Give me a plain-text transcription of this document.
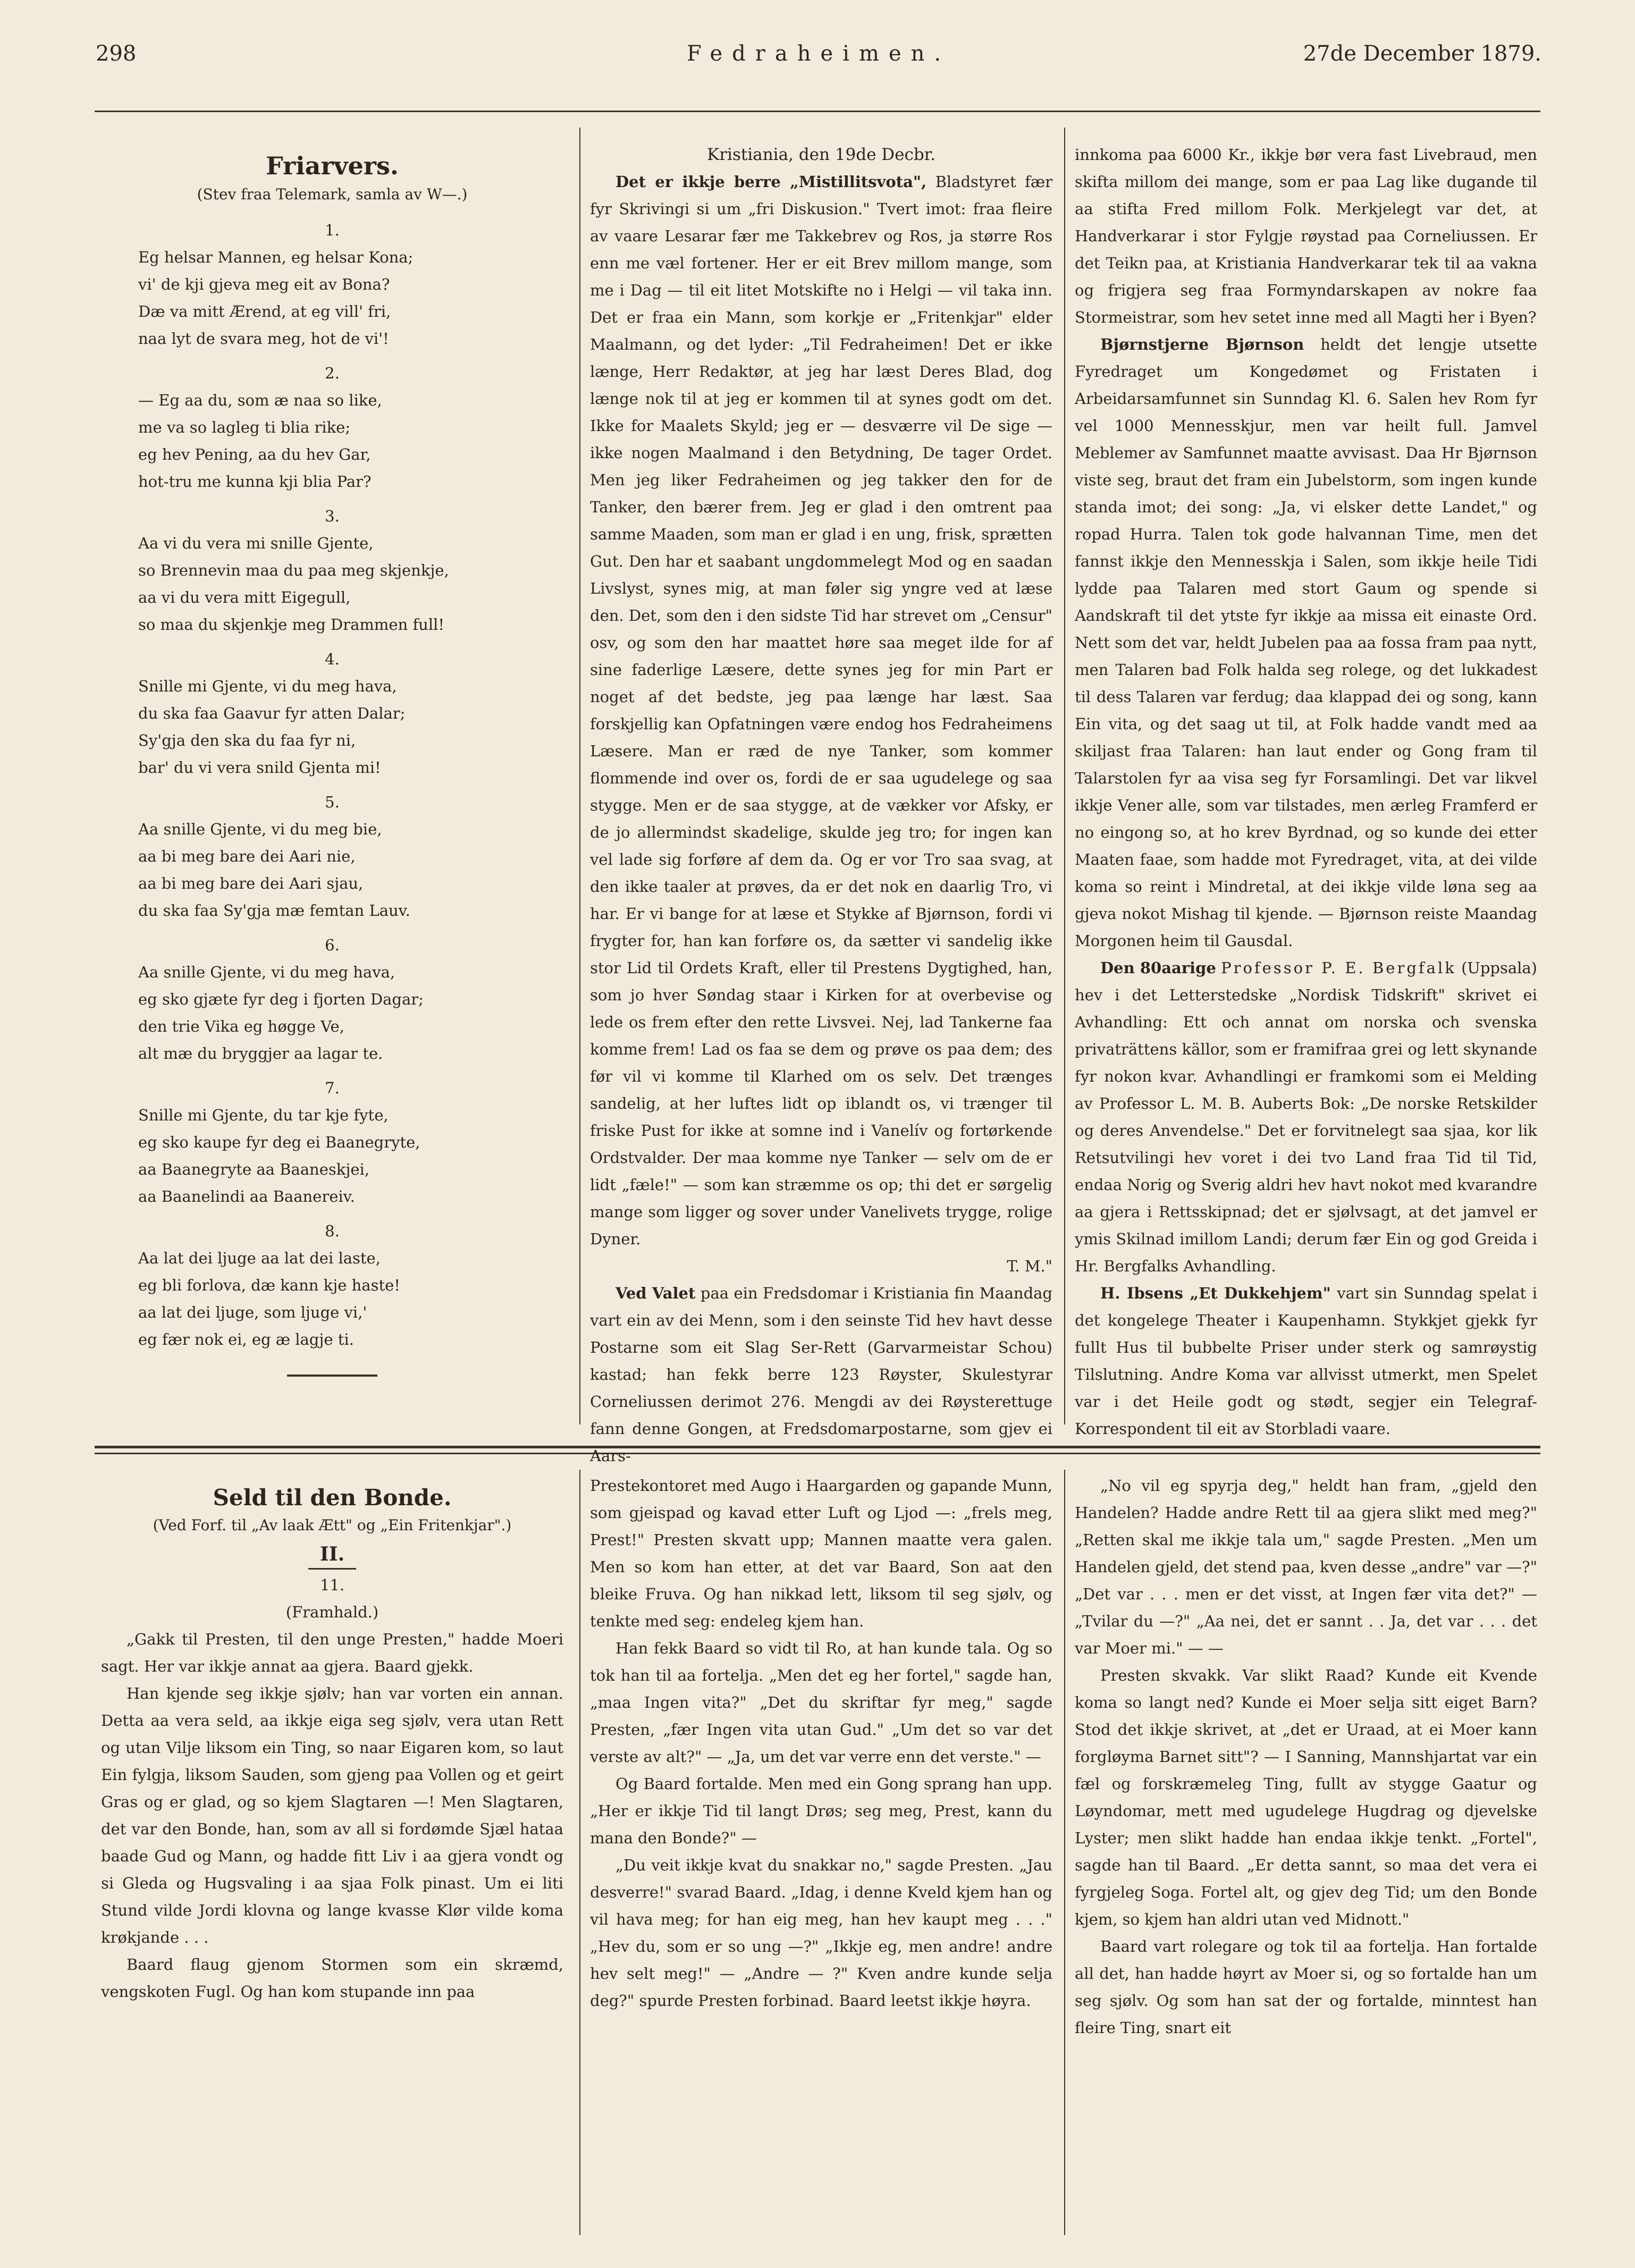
298	Fedraheimen.	27de December 1879.
Friarvers.
(Stev fraa Telemark, samla av W—.)
1.
Eg helsar Mannen, eg helsar Kona;
vi' de kji gjeva meg eit av Bona?
Dæ va mitt Ærend, at eg vill' fri,
naa lyt de svara meg, hot de vi'!
2.
— Eg aa du, som æ naa so like,
me va so lagleg ti blia rike;
eg hev Pening, aa du hev Gar,
hot-tru me kunna kji blia Par?
3.
Aa vi du vera mi snille Gjente,
so Brennevin maa du paa meg skjenkje,
aa vi du vera mitt Eigegull,
so maa du skjenkje meg Drammen full!
4.
Snille mi Gjente, vi du meg hava,
du ska faa Gaavur fyr atten Dalar;
Sy'gja den ska du faa fyr ni,
bar' du vi vera snild Gjenta mi!
5.
Aa snille Gjente, vi du meg bie,
aa bi meg bare dei Aari nie,
aa bi meg bare dei Aari sjau,
du ska faa Sy'gja mæ femtan Lauv.
6.
Aa snille Gjente, vi du meg hava,
eg sko gjæte fyr deg i fjorten Dagar;
den trie Vika eg høgge Ve,
alt mæ du bryggjer aa lagar te.
7.
Snille mi Gjente, du tar kje fyte,
eg sko kaupe fyr deg ei Baanegryte,
aa Baanegryte aa Baaneskjei,
aa Baanelindi aa Baanereiv.
8.
Aa lat dei ljuge aa lat dei laste,
eg bli forlova, dæ kann kje haste!
aa lat dei ljuge, som ljuge vi,'
eg fær nok ei, eg æ lagje ti.

Kristiania, den 19de Decbr.

Det er ikkje berre „Mistillitsvota", Bladstyret fær fyr Skrivingi si um „fri Diskusion." Tvert imot: fraa fleire av vaare Lesarar fær me Takkebrev og Ros, ja større Ros enn me væl fortener. Her er eit Brev millom mange, som me i Dag — til eit litet Motskifte no i Helgi — vil taka inn. Det er fraa ein Mann, som korkje er „Fritenkjar" elder Maalmann, og det lyder: „Til Fedraheimen! Det er ikke længe, Herr Redaktør, at jeg har læst Deres Blad, dog længe nok til at jeg er kommen til at synes godt om det. Ikke for Maalets Skyld; jeg er — desværre vil De sige — ikke nogen Maalmand i den Betydning, De tager Ordet. Men jeg liker Fedraheimen og jeg takker den for de Tanker, den bærer frem. Jeg er glad i den omtrent paa samme Maaden, som man er glad i en ung, frisk, sprætten Gut. Den har et saabant ungdommelegt Mod og en saadan Livslyst, synes mig, at man føler sig yngre ved at læse den. Det, som den i den sidste Tid har strevet om „Censur" osv, og som den har maattet høre saa meget ilde for af sine faderlige Læsere, dette synes jeg for min Part er noget af det bedste, jeg paa længe har læst. Saa forskjellig kan Opfatningen være endog hos Fedraheimens Læsere. Man er ræd de nye Tanker, som kommer flommende ind over os, fordi de er saa ugudelege og saa stygge. Men er de saa stygge, at de vækker vor Afsky, er de jo allermindst skadelige, skulde jeg tro; for ingen kan vel lade sig forføre af dem da. Og er vor Tro saa svag, at den ikke taaler at prøves, da er det nok en daarlig Tro, vi har. Er vi bange for at læse et Stykke af Bjørnson, fordi vi frygter for, han kan forføre os, da sætter vi sandelig ikke stor Lid til Ordets Kraft, eller til Prestens Dygtighed, han, som jo hver Søndag staar i Kirken for at overbevise og lede os frem efter den rette Livsvei. Nej, lad Tankerne faa komme frem! Lad os faa se dem og prøve os paa dem; des før vil vi komme til Klarhed om os selv. Det trænges sandelig, at her luftes lidt op iblandt os, vi trænger til friske Pust for ikke at somne ind i Vanelív og fortørkende Ordstvalder. Der maa komme nye Tanker — selv om de er lidt „fæle!" — som kan stræmme os op; thi det er sørgelig mange som ligger og sover under Vanelivets trygge, rolige Dyner.

T. M."

Ved Valet paa ein Fredsdomar i Kristiania fin Maandag vart ein av dei Menn, som i den seinste Tid hev havt desse Postarne som eit Slag Ser-Rett (Garvarmeistar Schou) kastad; han fekk berre 123 Røyster, Skulestyrar Corneliussen derimot 276. Mengdi av dei Røysterettuge fann denne Gongen, at Fredsdomarpostarne, som gjev ei Aars-

innkoma paa 6000 Kr., ikkje bør vera fast Livebraud, men skifta millom dei mange, som er paa Lag like dugande til aa stifta Fred millom Folk. Merkjelegt var det, at Handverkarar i stor Fylgje røystad paa Corneliussen. Er det Teikn paa, at Kristiania Handverkarar tek til aa vakna og frigjera seg fraa Formyndarskapen av nokre faa Stormeistrar, som hev setet inne med all Magti her i Byen?

Bjørnstjerne Bjørnson heldt det lengje utsette Fyredraget um Kongedømet og Fristaten i Arbeidarsamfunnet sin Sunndag Kl. 6. Salen hev Rom fyr vel 1000 Mennesskjur, men var heilt full. Jamvel Meblemer av Samfunnet maatte avvisast. Daa Hr Bjørnson viste seg, braut det fram ein Jubelstorm, som ingen kunde standa imot; dei song: „Ja, vi elsker dette Landet," og ropad Hurra. Talen tok gode halvannan Time, men det fannst ikkje den Mennesskja i Salen, som ikkje heile Tidi lydde paa Talaren med stort Gaum og spende si Aandskraft til det ytste fyr ikkje aa missa eit einaste Ord. Nett som det var, heldt Jubelen paa aa fossa fram paa nytt, men Talaren bad Folk halda seg rolege, og det lukkadest til dess Talaren var ferdug; daa klappad dei og song, kann Ein vita, og det saag ut til, at Folk hadde vandt med aa skiljast fraa Talaren: han laut ender og Gong fram til Talarstolen fyr aa visa seg fyr Forsamlingi. Det var likvel ikkje Vener alle, som var tilstades, men ærleg Framferd er no eingong so, at ho krev Byrdnad, og so kunde dei etter Maaten faae, som hadde mot Fyredraget, vita, at dei vilde koma so reint i Mindretal, at dei ikkje vilde løna seg aa gjeva nokot Mishag til kjende. — Bjørnson reiste Maandag Morgonen heim til Gausdal.

Den 80aarige Professor P. E. Bergfalk (Uppsala) hev i det Letterstedske „Nordisk Tidskrift" skrivet ei Avhandling: Ett och annat om norska och svenska privaträttens källor, som er framifraa grei og lett skynande fyr nokon kvar. Avhandlingi er framkomi som ei Melding av Professor L. M. B. Auberts Bok: „De norske Retskilder og deres Anvendelse." Det er forvitnelegt saa sjaa, kor lik Retsutvilingi hev voret i dei tvo Land fraa Tid til Tid, endaa Norig og Sverig aldri hev havt nokot med kvarandre aa gjera i Rettsskipnad; det er sjølvsagt, at det jamvel er ymis Skilnad imillom Landi; derum fær Ein og god Greida i Hr. Bergfalks Avhandling.

H. Ibsens „Et Dukkehjem" vart sin Sunndag spelat i det kongelege Theater i Kaupenhamn. Stykkjet gjekk fyr fullt Hus til bubbelte Priser under sterk og samrøystig Tilslutning. Andre Koma var allvisst utmerkt, men Spelet var i det Heile godt og stødt, segjer ein Telegraf-Korrespondent til eit av Storbladi vaare.

Seld til den Bonde.
(Ved Forf. til „Av laak Ætt" og „Ein Fritenkjar".)
II.
11.
(Framhald.)

„Gakk til Presten, til den unge Presten," hadde Moeri sagt. Her var ikkje annat aa gjera. Baard gjekk.

Han kjende seg ikkje sjølv; han var vorten ein annan. Detta aa vera seld, aa ikkje eiga seg sjølv, vera utan Rett og utan Vilje liksom ein Ting, so naar Eigaren kom, so laut Ein fylgja, liksom Sauden, som gjeng paa Vollen og et geirt Gras og er glad, og so kjem Slagtaren —! Men Slagtaren, det var den Bonde, han, som av all si fordømde Sjæl hataa baade Gud og Mann, og hadde fitt Liv i aa gjera vondt og si Gleda og Hugsvaling i aa sjaa Folk pinast. Um ei liti Stund vilde Jordi klovna og lange kvasse Klør vilde koma krøkjande . . .

Baard flaug gjenom Stormen som ein skræmd, vengskoten Fugl. Og han kom stupande inn paa

Prestekontoret med Augo i Haargarden og gapande Munn, som gjeispad og kavad etter Luft og Ljod —: „frels meg, Prest!" Presten skvatt upp; Mannen maatte vera galen. Men so kom han etter, at det var Baard, Son aat den bleike Fruva. Og han nikkad lett, liksom til seg sjølv, og tenkte med seg: endeleg kjem han.

Han fekk Baard so vidt til Ro, at han kunde tala. Og so tok han til aa fortelja. „Men det eg her fortel," sagde han, „maa Ingen vita?" „Det du skriftar fyr meg," sagde Presten, „fær Ingen vita utan Gud." „Um det so var det verste av alt?" — „Ja, um det var verre enn det verste." —

Og Baard fortalde. Men med ein Gong sprang han upp. „Her er ikkje Tid til langt Drøs; seg meg, Prest, kann du mana den Bonde?" —

„Du veit ikkje kvat du snakkar no," sagde Presten. „Jau desverre!" svarad Baard. „Idag, i denne Kveld kjem han og vil hava meg; for han eig meg, han hev kaupt meg . . ." „Hev du, som er so ung —?" „Ikkje eg, men andre! andre hev selt meg!" — „Andre — ?" Kven andre kunde selja deg?" spurde Presten forbinad. Baard leetst ikkje høyra.

„No vil eg spyrja deg," heldt han fram, „gjeld den Handelen? Hadde andre Rett til aa gjera slikt med meg?" „Retten skal me ikkje tala um," sagde Presten. „Men um Handelen gjeld, det stend paa, kven desse „andre" var —?" „Det var . . . men er det visst, at Ingen fær vita det?" — „Tvilar du —?" „Aa nei, det er sannt . . Ja, det var . . . det var Moer mi." — —

Presten skvakk. Var slikt Raad? Kunde eit Kvende koma so langt ned? Kunde ei Moer selja sitt eiget Barn? Stod det ikkje skrivet, at „det er Uraad, at ei Moer kann forgløyma Barnet sitt"? — I Sanning, Mannshjartat var ein fæl og forskræmeleg Ting, fullt av stygge Gaatur og Løyndomar, mett med ugudelege Hugdrag og djevelske Lyster; men slikt hadde han endaa ikkje tenkt. „Fortel", sagde han til Baard. „Er detta sannt, so maa det vera ei fyrgjeleg Soga. Fortel alt, og gjev deg Tid; um den Bonde kjem, so kjem han aldri utan ved Midnott."

Baard vart rolegare og tok til aa fortelja. Han fortalde all det, han hadde høyrt av Moer si, og so fortalde han um seg sjølv. Og som han sat der og fortalde, minntest han fleire Ting, snart eit
